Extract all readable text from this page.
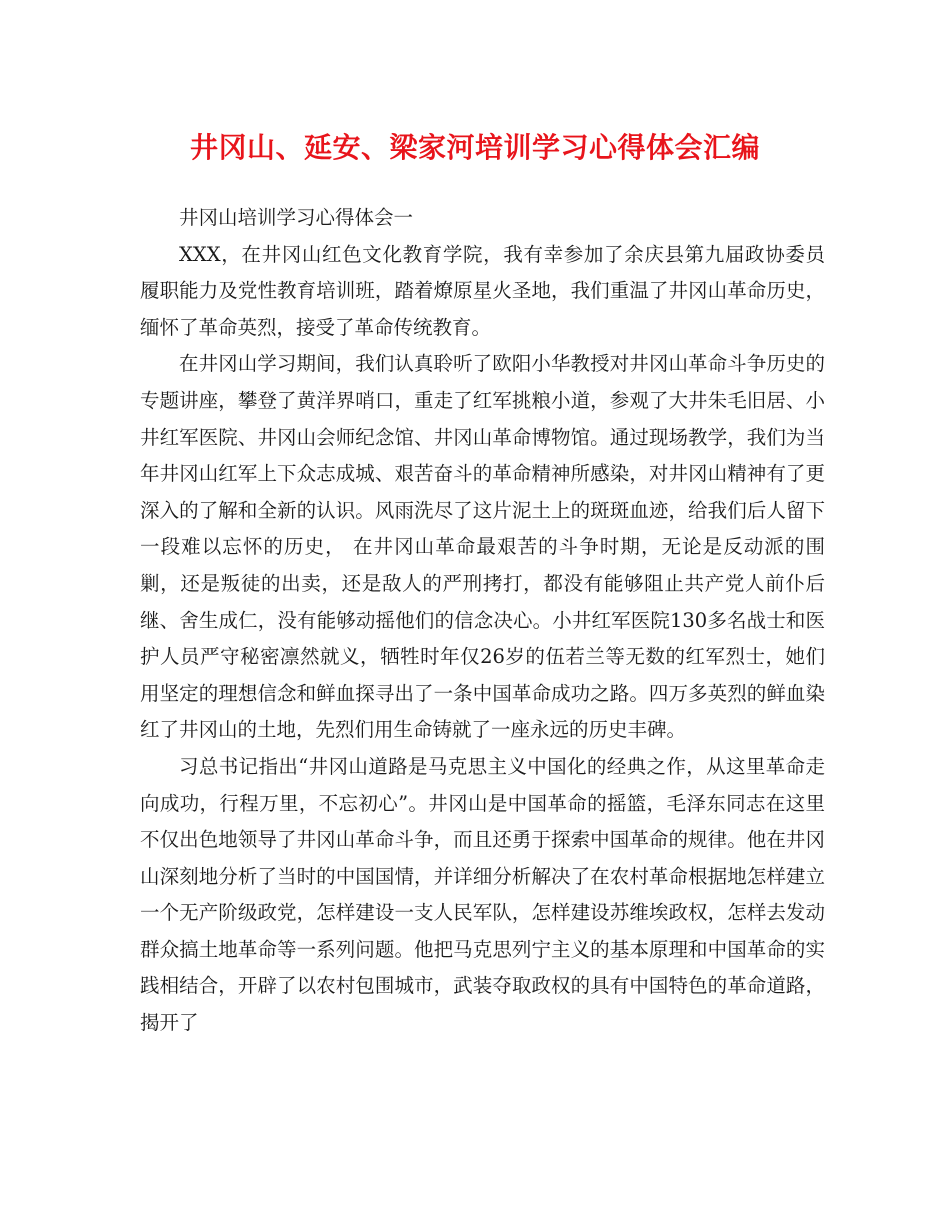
井冈山、延安、梁家河培训学习心得体会汇编

井冈山培训学习心得体会一

XXX，在井冈山红色文化教育学院，我有幸参加了余庆县第九届政协委员履职能力及党性教育培训班，踏着燎原星火圣地，我们重温了井冈山革命历史，缅怀了革命英烈，接受了革命传统教育。

在井冈山学习期间，我们认真聆听了欧阳小华教授对井冈山革命斗争历史的专题讲座，攀登了黄洋界哨口，重走了红军挑粮小道，参观了大井朱毛旧居、小井红军医院、井冈山会师纪念馆、井冈山革命博物馆。通过现场教学，我们为当年井冈山红军上下众志成城、艰苦奋斗的革命精神所感染，对井冈山精神有了更深入的了解和全新的认识。风雨洗尽了这片泥土上的斑斑血迹，给我们后人留下一段难以忘怀的历史， 在井冈山革命最艰苦的斗争时期，无论是反动派的围剿，还是叛徒的出卖，还是敌人的严刑拷打，都没有能够阻止共产党人前仆后继、舍生成仁，没有能够动摇他们的信念决心。小井红军医院130多名战士和医护人员严守秘密凛然就义，牺牲时年仅26岁的伍若兰等无数的红军烈士，她们用坚定的理想信念和鲜血探寻出了一条中国革命成功之路。四万多英烈的鲜血染红了井冈山的土地，先烈们用生命铸就了一座永远的历史丰碑。

习总书记指出“井冈山道路是马克思主义中国化的经典之作，从这里革命走向成功，行程万里，不忘初心”。井冈山是中国革命的摇篮，毛泽东同志在这里不仅出色地领导了井冈山革命斗争，而且还勇于探索中国革命的规律。他在井冈山深刻地分析了当时的中国国情，并详细分析解决了在农村革命根据地怎样建立一个无产阶级政党，怎样建设一支人民军队，怎样建设苏维埃政权，怎样去发动群众搞土地革命等一系列问题。他把马克思列宁主义的基本原理和中国革命的实践相结合，开辟了以农村包围城市，武装夺取政权的具有中国特色的革命道路，揭开了
